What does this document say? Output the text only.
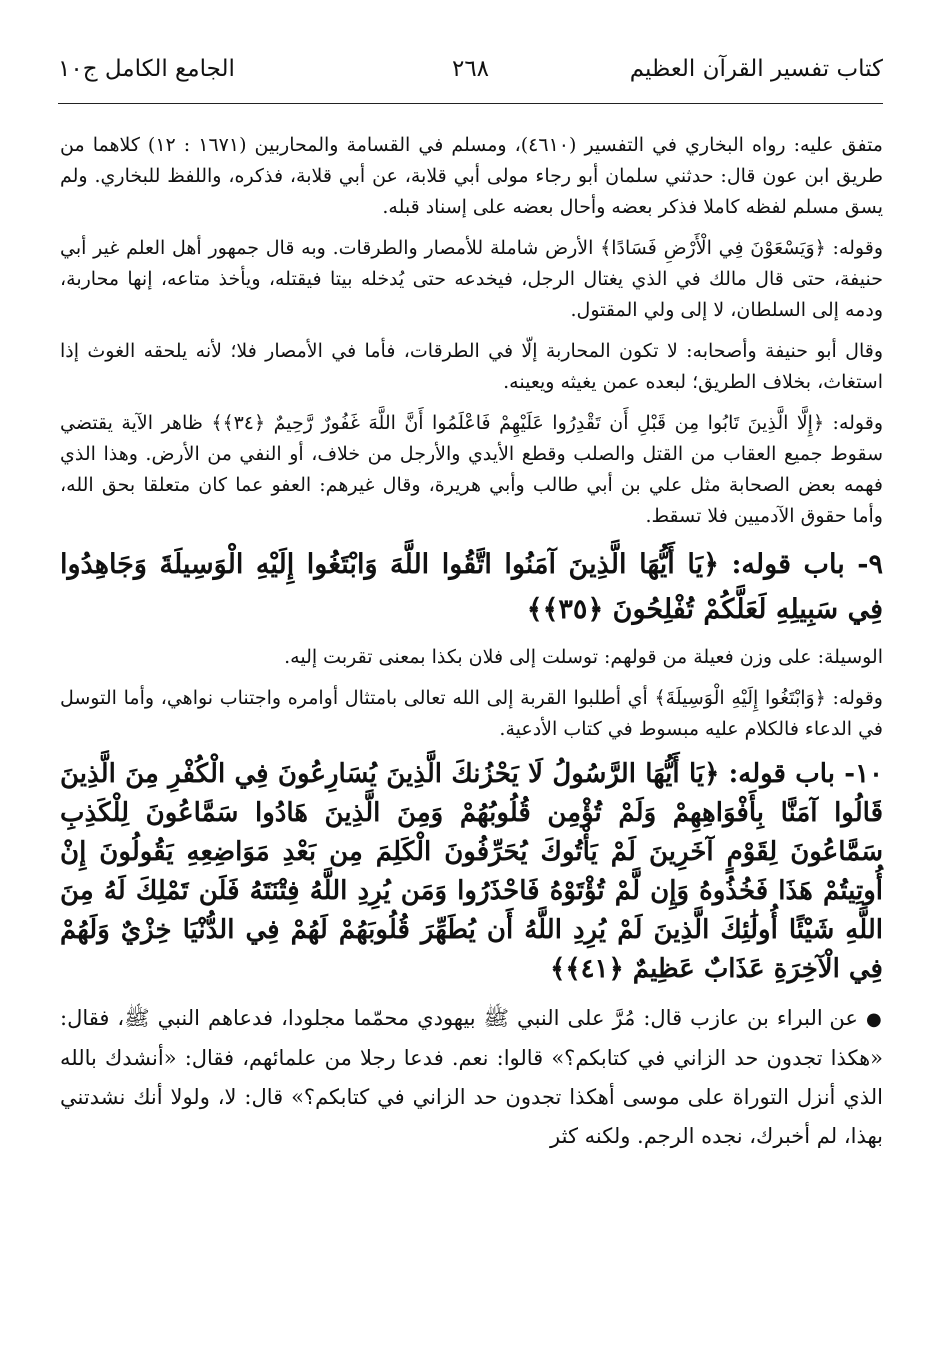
كتاب تفسير القرآن العظيم
٢٦٨
الجامع الكامل ج١٠

متفق عليه: رواه البخاري في التفسير (٤٦١٠)، ومسلم في القسامة والمحاربين (١٦٧١ : ١٢) كلاهما من طريق ابن عون قال: حدثني سلمان أبو رجاء مولى أبي قلابة، عن أبي قلابة، فذكره، واللفظ للبخاري. ولم يسق مسلم لفظه كاملا فذكر بعضه وأحال بعضه على إسناد قبله.

وقوله: ﴿وَيَسْعَوْنَ فِي الْأَرْضِ فَسَادًا﴾ الأرض شاملة للأمصار والطرقات. وبه قال جمهور أهل العلم غير أبي حنيفة، حتى قال مالك في الذي يغتال الرجل، فيخدعه حتى يُدخله بيتا فيقتله، ويأخذ متاعه، إنها محاربة، ودمه إلى السلطان، لا إلى ولي المقتول.

وقال أبو حنيفة وأصحابه: لا تكون المحاربة إلّا في الطرقات، فأما في الأمصار فلا؛ لأنه يلحقه الغوث إذا استغاث، بخلاف الطريق؛ لبعده عمن يغيثه ويعينه.

وقوله: ﴿إِلَّا الَّذِينَ تَابُوا مِن قَبْلِ أَن تَقْدِرُوا عَلَيْهِمْ فَاعْلَمُوا أَنَّ اللَّهَ غَفُورٌ رَّحِيمٌ ﴿٣٤﴾﴾ ظاهر الآية يقتضي سقوط جميع العقاب من القتل والصلب وقطع الأيدي والأرجل من خلاف، أو النفي من الأرض. وهذا الذي فهمه بعض الصحابة مثل علي بن أبي طالب وأبي هريرة، وقال غيرهم: العفو عما كان متعلقا بحق الله، وأما حقوق الآدميين فلا تسقط.

٩- باب قوله: ﴿يَا أَيُّهَا الَّذِينَ آمَنُوا اتَّقُوا اللَّهَ وَابْتَغُوا إِلَيْهِ الْوَسِيلَةَ وَجَاهِدُوا فِي سَبِيلِهِ لَعَلَّكُمْ تُفْلِحُونَ ﴿٣٥﴾﴾

الوسيلة: على وزن فعيلة من قولهم: توسلت إلى فلان بكذا بمعنى تقربت إليه.

وقوله: ﴿وَابْتَغُوا إِلَيْهِ الْوَسِيلَةَ﴾ أي أطلبوا القربة إلى الله تعالى بامتثال أوامره واجتناب نواهي، وأما التوسل في الدعاء فالكلام عليه مبسوط في كتاب الأدعية.

١٠- باب قوله: ﴿يَا أَيُّهَا الرَّسُولُ لَا يَحْزُنكَ الَّذِينَ يُسَارِعُونَ فِي الْكُفْرِ مِنَ الَّذِينَ قَالُوا آمَنَّا بِأَفْوَاهِهِمْ وَلَمْ تُؤْمِن قُلُوبُهُمْ وَمِنَ الَّذِينَ هَادُوا سَمَّاعُونَ لِلْكَذِبِ سَمَّاعُونَ لِقَوْمٍ آخَرِينَ لَمْ يَأْتُوكَ يُحَرِّفُونَ الْكَلِمَ مِن بَعْدِ مَوَاضِعِهِ يَقُولُونَ إِنْ أُوتِيتُمْ هَذَا فَخُذُوهُ وَإِن لَّمْ تُؤْتَوْهُ فَاحْذَرُوا وَمَن يُرِدِ اللَّهُ فِتْنَتَهُ فَلَن تَمْلِكَ لَهُ مِنَ اللَّهِ شَيْئًا أُولَٰئِكَ الَّذِينَ لَمْ يُرِدِ اللَّهُ أَن يُطَهِّرَ قُلُوبَهُمْ لَهُمْ فِي الدُّنْيَا خِزْيٌ وَلَهُمْ فِي الْآخِرَةِ عَذَابٌ عَظِيمٌ ﴿٤١﴾﴾

● عن البراء بن عازب قال: مُرَّ على النبي ﷺ بيهودي محمّما مجلودا، فدعاهم النبي ﷺ، فقال: «هكذا تجدون حد الزاني في كتابكم؟» قالوا: نعم. فدعا رجلا من علمائهم، فقال: «أنشدك بالله الذي أنزل التوراة على موسى أهكذا تجدون حد الزاني في كتابكم؟» قال: لا، ولولا أنك نشدتني بهذا، لم أخبرك، نجده الرجم. ولكنه كثر
